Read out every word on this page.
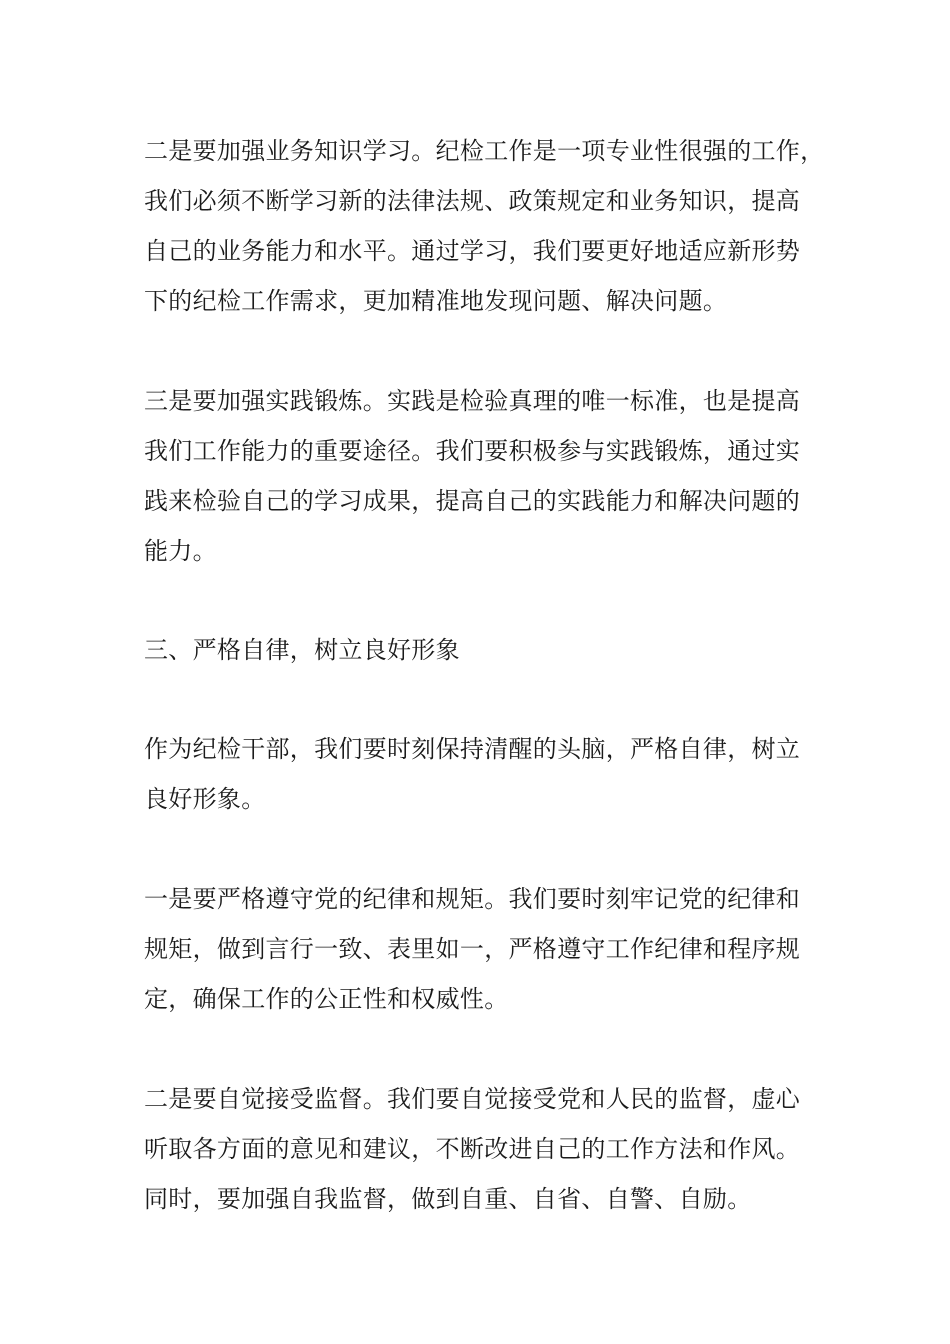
二是要加强业务知识学习。纪检工作是一项专业性很强的工作，
我们必须不断学习新的法律法规、政策规定和业务知识，提高
自己的业务能力和水平。通过学习，我们要更好地适应新形势
下的纪检工作需求，更加精准地发现问题、解决问题。
三是要加强实践锻炼。实践是检验真理的唯一标准，也是提高
我们工作能力的重要途径。我们要积极参与实践锻炼，通过实
践来检验自己的学习成果，提高自己的实践能力和解决问题的
能力。
三、严格自律，树立良好形象
作为纪检干部，我们要时刻保持清醒的头脑，严格自律，树立
良好形象。
一是要严格遵守党的纪律和规矩。我们要时刻牢记党的纪律和
规矩，做到言行一致、表里如一，严格遵守工作纪律和程序规
定，确保工作的公正性和权威性。
二是要自觉接受监督。我们要自觉接受党和人民的监督，虚心
听取各方面的意见和建议，不断改进自己的工作方法和作风。
同时，要加强自我监督，做到自重、自省、自警、自励。
